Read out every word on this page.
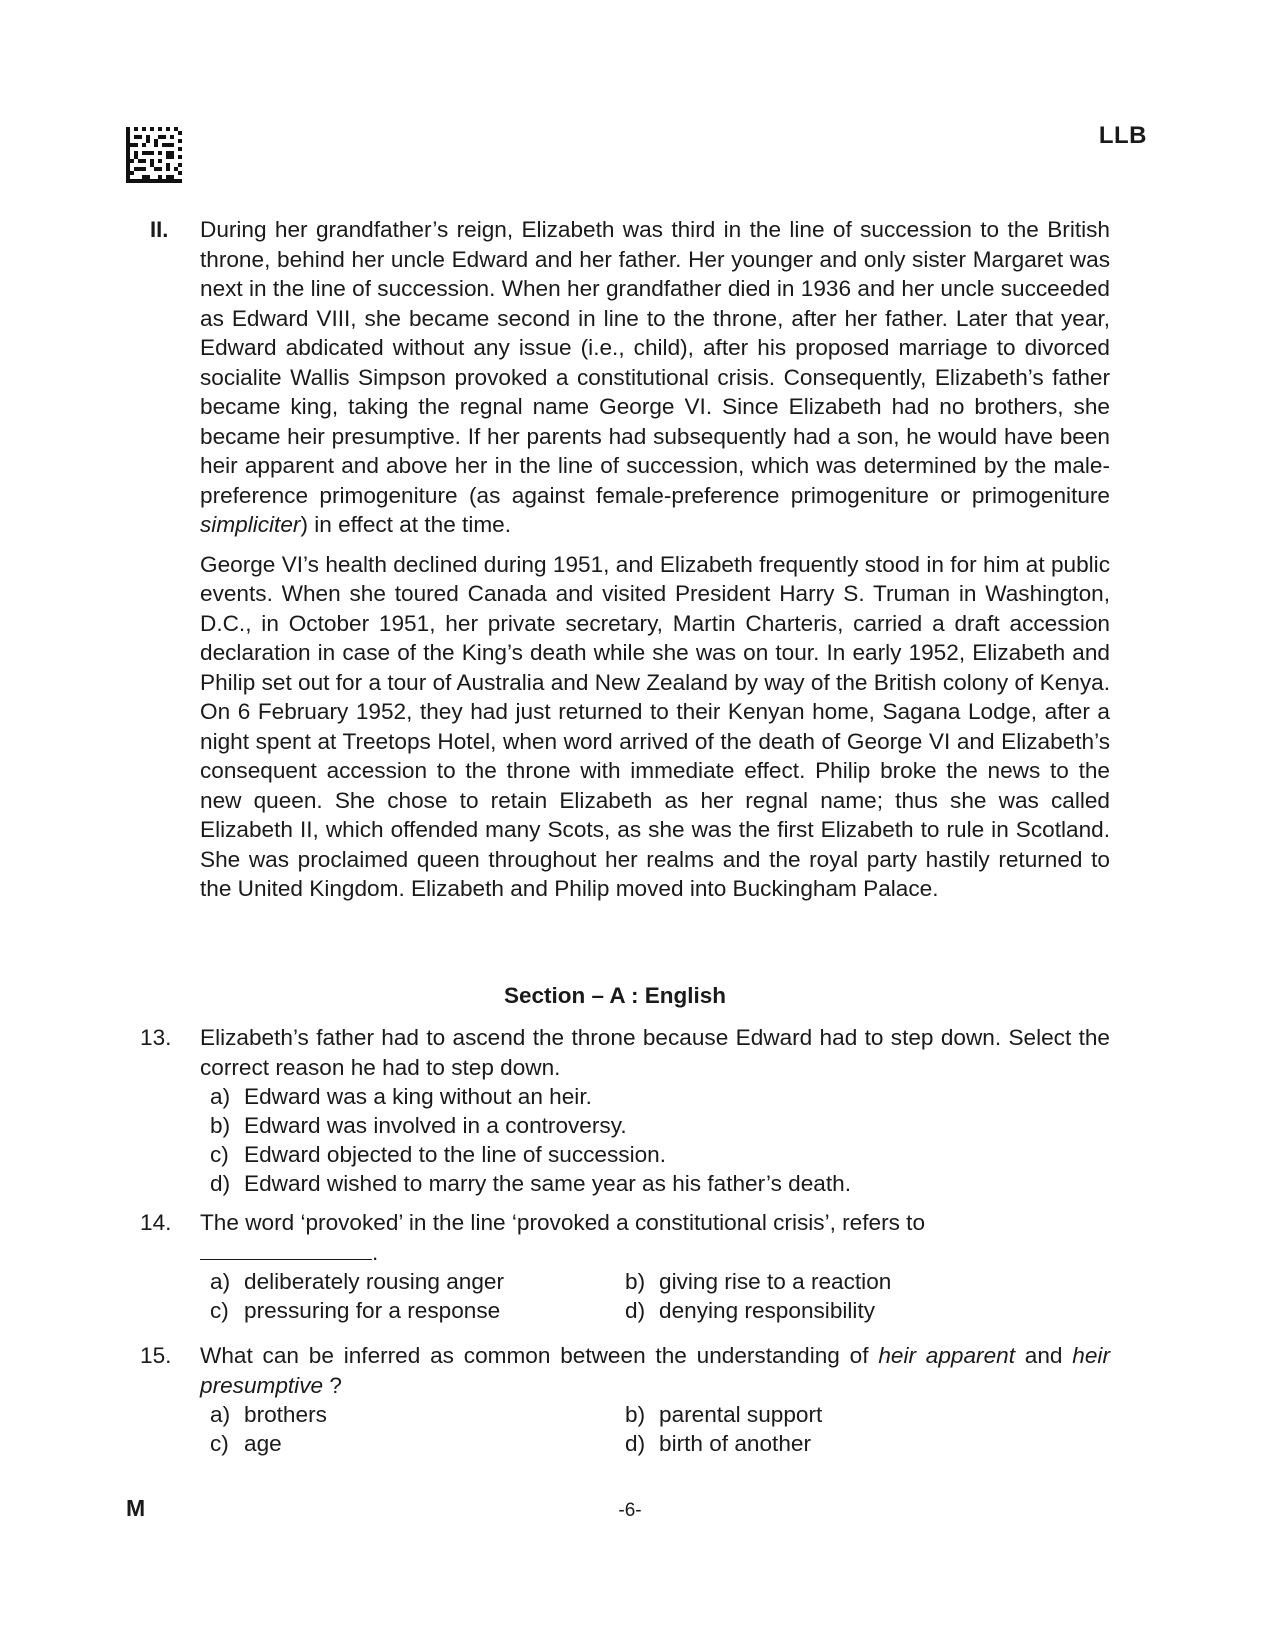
LLB
II. During her grandfather’s reign, Elizabeth was third in the line of succession to the British throne, behind her uncle Edward and her father. Her younger and only sister Margaret was next in the line of succession. When her grandfather died in 1936 and her uncle succeeded as Edward VIII, she became second in line to the throne, after her father. Later that year, Edward abdicated without any issue (i.e., child), after his proposed marriage to divorced socialite Wallis Simpson provoked a constitutional crisis. Consequently, Elizabeth’s father became king, taking the regnal name George VI. Since Elizabeth had no brothers, she became heir presumptive. If her parents had subsequently had a son, he would have been heir apparent and above her in the line of succession, which was determined by the male-preference primogeniture (as against female-preference primogeniture or primogeniture simpliciter) in effect at the time.

George VI’s health declined during 1951, and Elizabeth frequently stood in for him at public events. When she toured Canada and visited President Harry S. Truman in Washington, D.C., in October 1951, her private secretary, Martin Charteris, carried a draft accession declaration in case of the King’s death while she was on tour. In early 1952, Elizabeth and Philip set out for a tour of Australia and New Zealand by way of the British colony of Kenya. On 6 February 1952, they had just returned to their Kenyan home, Sagana Lodge, after a night spent at Treetops Hotel, when word arrived of the death of George VI and Elizabeth’s consequent accession to the throne with immediate effect. Philip broke the news to the new queen. She chose to retain Elizabeth as her regnal name; thus she was called Elizabeth II, which offended many Scots, as she was the first Elizabeth to rule in Scotland. She was proclaimed queen throughout her realms and the royal party hastily returned to the United Kingdom. Elizabeth and Philip moved into Buckingham Palace.

Section – A : English
13. Elizabeth’s father had to ascend the throne because Edward had to step down. Select the correct reason he had to step down.
a) Edward was a king without an heir.
b) Edward was involved in a controversy.
c) Edward objected to the line of succession.
d) Edward wished to marry the same year as his father’s death.
14. The word ‘provoked’ in the line ‘provoked a constitutional crisis’, refers to
.
a) deliberately rousing anger	b) giving rise to a reaction
c) pressuring for a response	d) denying responsibility
15. What can be inferred as common between the understanding of heir apparent and heir presumptive ?
a) brothers	b) parental support
c) age	d) birth of another
M	-6-
